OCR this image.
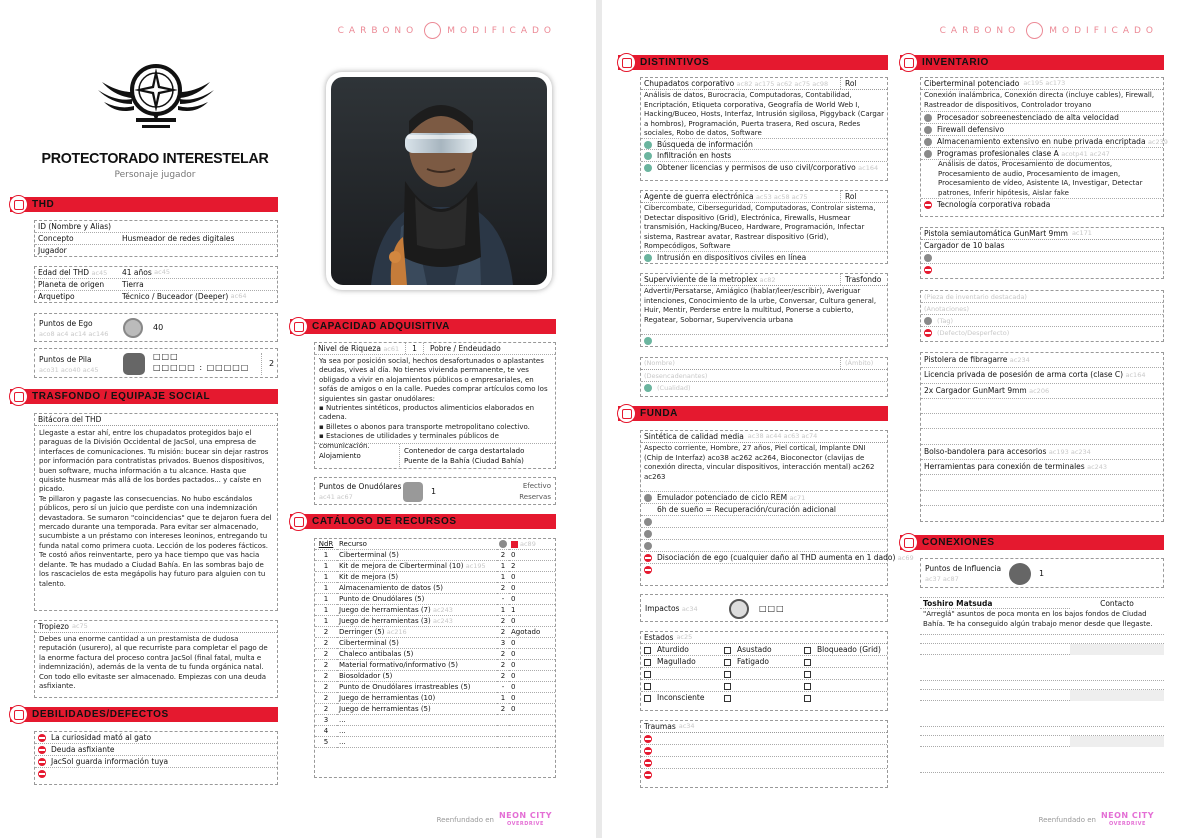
CARBONO	MODIFICADO
PROTECTORADO INTERESTELAR
Personaje jugador
THD
ID (Nombre y Alias)
Concepto	Husmeador de redes digitales
Jugador
Edad del THD ac45	41 años
ac45
Planeta de origen	Tierra
Arquetipo	Técnico / Buceador (Deeper)
ac64
Puntos de Ego
aco8 ac4 ac14 ac146
40
Puntos de Pila
aco31 aco40 ac45
□□□
□□□□□ : □□□□□ 2
TRASFONDO / EQUIPAJE SOCIAL
Bitácora del THD
Llegaste a estar ahí, entre los chupadatos protegidos bajo el paraguas de la División Occidental de JacSol, una empresa de interfaces de comunicaciones. Tu misión: bucear sin dejar rastros por información para contratistas privados. Buenos dispositivos, buen software, mucha información a tu alcance. Hasta que quisiste husmear más allá de los bordes pactados... y caíste en picado.
Te pillaron y pagaste las consecuencias. No hubo escándalos públicos, pero sí un juicio que perdiste con una indemnización devastadora. Se sumaron "coincidencias" que te dejaron fuera del mercado durante una temporada. Para evitar ser almacenado, sucumbiste a un préstamo con intereses leoninos, entregando tu funda natal como primera cuota. Lección de los poderes fácticos.
Te costó años reinventarte, pero ya hace tiempo que vas hacia delante. Te has mudado a Ciudad Bahía. En las sombras bajo de los rascacielos de esta megápolis hay futuro para alguien con tu talento.
Tropiezo ac75
Debes una enorme cantidad a un prestamista de dudosa reputación (usurero), al que recurriste para completar el pago de la enorme factura del proceso contra JacSol (final fatal, multa e indemnización), además de la venta de tu funda orgánica natal. Con todo ello evitaste ser almacenado. Empiezas con una deuda asfixiante.
DEBILIDADES/DEFECTOS
La curiosidad mató al gato
Deuda asfixiante
JacSol guarda información tuya
CAPACIDAD ADQUISITIVA
Nivel de Riqueza ac61	1	Pobre / Endeudado
Ya sea por posición social, hechos desafortunados o aplastantes deudas, vives al día. No tienes vivienda permanente, te ves obligado a vivir en alojamientos públicos o empresariales, en sofás de amigos o en la calle. Puedes comprar artículos como los siguientes sin gastar onudólares:
▪ Nutrientes sintéticos, productos alimenticios elaborados en cadena.
▪ Billetes o abonos para transporte metropolitano colectivo.
▪ Estaciones de utilidades y terminales públicos de comunicación.
Alojamiento
Contenedor de carga destartalado
Puente de la Bahía (Ciudad Bahía)
Puntos de Onudólares
ac41 ac67
1
Efectivo
Reservas
CATÁLOGO DE RECURSOS
NdR	Recurso		ac89
1	Ciberterminal (5)	2	0
1	Kit de mejora de Ciberterminal (10) ac195	1	2
1	Kit de mejora (5)	1	0
1	Almacenamiento de datos (5)	2	0
1	Punto de Onudólares (5)	-	0
1	Juego de herramientas (7) ac243	1	1
1	Juego de herramientas (3) ac243	2	0
2	Derringer (5) ac216	2	Agotado
2	Ciberterminal (5)	3	0
2	Chaleco antibalas (5)	2	0
2	Material formativo/informativo (5)	2	0
2	Biosoldador (5)	2	0
2	Punto de Onudólares irrastreables (5)	-	0
2	Juego de herramientas (10)	1	0
2	Juego de herramientas (5)	2	0
3	...		
4	...		
5	...		
Reenfundado en NEON CITY
OVERDRIVE
CARBONO	MODIFICADO
DISTINTIVOS
Chupadatos corporativo ac82 ac175 ac62 ac75 ac98	Rol
Análisis de datos, Burocracia, Computadoras, Contabilidad, Encriptación, Etiqueta corporativa, Geografía de World Web I, Hacking/Buceo, Hosts, Interfaz, Intrusión sigilosa, Piggyback (Cargar a hombros), Programación, Puerta trasera, Red oscura, Redes sociales, Robo de datos, Software
Búsqueda de información
Infiltración en hosts
Obtener licencias y permisos de uso civil/corporativo ac164
Agente de guerra electrónica ac53 ac58 ac75	Rol
Cibercombate, Ciberseguridad, Computadoras, Controlar sistema, Detectar dispositivo (Grid), Electrónica, Firewalls, Husmear transmisión, Hacking/Buceo, Hardware, Programación, Infectar sistema, Rastrear avatar, Rastrear dispositivo (Grid), Rompecódigos, Software
Intrusión en dispositivos civiles en línea
Superviviente de la metroplex ac82	Trasfondo
Advertir/Persatarse, Amiágico (hablar/leer/escribir), Averiguar intenciones, Conocimiento de la urbe, Conversar, Cultura general, Huir, Mentir, Perderse entre la multitud, Ponerse a cubierto, Regatear, Sobornar, Supervivencia urbana
(Nombre)	(Ámbito)
(Desencadenantes)
(Cualidad)
FUNDA
Sintética de calidad media ac38 ac44 ac63 ac74
Aspecto corriente, Hombre, 27 años, Piel cortical, Implante DNI (Chip de Interfaz) aco38 ac262 ac264, Bioconector (clavijas de conexión directa, vincular dispositivos, interacción mental) ac262 ac263
Emulador potenciado de ciclo REM ac71
6h de sueño = Recuperación/curación adicional
Disociación de ego (cualquier daño al THD aumenta en 1 dado) ac69
Impactos ac34	□□□
Estados ac25
Aturdido	Asustado	Bloqueado (Grid)
Magullado	Fatigado
Inconsciente
Traumas ac34
INVENTARIO
Ciberterminal potenciado ac195 ac173
Conexión inalámbrica, Conexión directa (incluye cables), Firewall, Rastreador de dispositivos, Controlador troyano
Procesador sobreenestenciado de alta velocidad
Firewall defensivo
Almacenamiento extensivo en nube privada encriptada ac239
Programas profesionales clase A acotp41 ac247
Análisis de datos, Procesamiento de documentos, Procesamiento de audio, Procesamiento de imagen, Procesamiento de vídeo, Asistente IA, Investigar, Detectar patrones, Inferir hipótesis, Aislar fake
Tecnología corporativa robada
Pistola semiautomática GunMart 9mm ac171
Cargador de 10 balas
(Pieza de inventario destacada)
(Anotaciones)
(Tag)
(Defecto/Desperfecto)
Pistolera de fibragarre ac234
Licencia privada de posesión de arma corta (clase C) ac164
2x Cargador GunMart 9mm ac206
Bolso-bandolera para accesorios ac193 ac234
Herramientas para conexión de terminales ac243
CONEXIONES
Puntos de Influencia
ac37 ac87
1
Toshiro Matsuda	Contacto
"Arreglá" asuntos de poca monta en los bajos fondos de Ciudad Bahía. Te ha conseguido algún trabajo menor desde que llegaste.
Reenfundado en NEON CITY
OVERDRIVE
